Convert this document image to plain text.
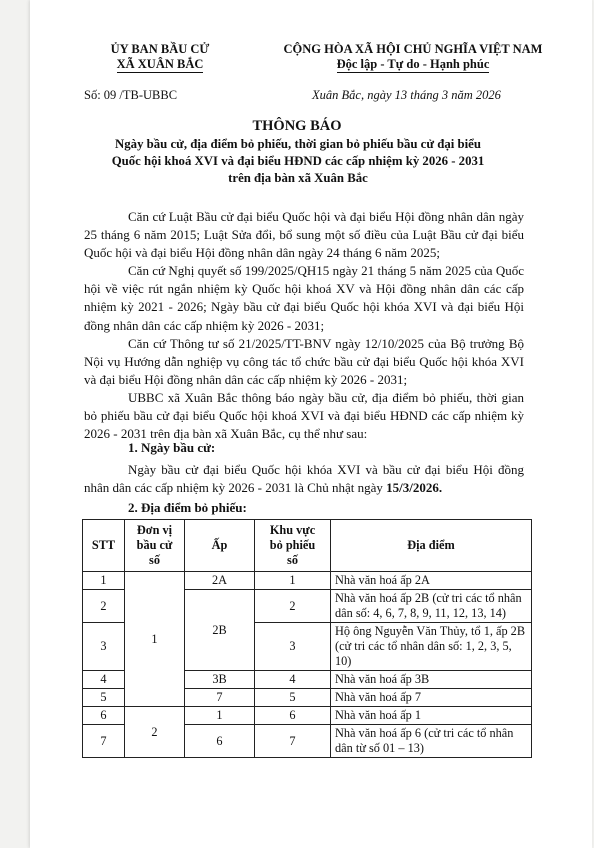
ỦY BAN BẦU CỬ
XÃ XUÂN BẮC
CỘNG HÒA XÃ HỘI CHỦ NGHĨA VIỆT NAM
Độc lập - Tự do - Hạnh phúc
Số: 09 /TB-UBBC	Xuân Bắc, ngày 13 tháng 3 năm 2026
THÔNG BÁO
Ngày bầu cử, địa điểm bỏ phiếu, thời gian bỏ phiếu bầu cử đại biểu Quốc hội khoá XVI và đại biểu HĐND các cấp nhiệm kỳ 2026 - 2031 trên địa bàn xã Xuân Bắc
Căn cứ Luật Bầu cử đại biểu Quốc hội và đại biểu Hội đồng nhân dân ngày 25 tháng 6 năm 2015; Luật Sửa đổi, bổ sung một số điều của Luật Bầu cử đại biểu Quốc hội và đại biểu Hội đồng nhân dân ngày 24 tháng 6 năm 2025;
Căn cứ Nghị quyết số 199/2025/QH15 ngày 21 tháng 5 năm 2025 của Quốc hội về việc rút ngắn nhiệm kỳ Quốc hội khoá XV và Hội đồng nhân dân các cấp nhiệm kỳ 2021 - 2026; Ngày bầu cử đại biểu Quốc hội khóa XVI và đại biểu Hội đồng nhân dân các cấp nhiệm kỳ 2026 - 2031;
Căn cứ Thông tư số 21/2025/TT-BNV ngày 12/10/2025 của Bộ trưởng Bộ Nội vụ Hướng dẫn nghiệp vụ công tác tổ chức bầu cử đại biểu Quốc hội khóa XVI và đại biểu Hội đồng nhân dân các cấp nhiệm kỳ 2026 - 2031;
UBBC xã Xuân Bắc thông báo ngày bầu cử, địa điểm bỏ phiếu, thời gian bỏ phiếu bầu cử đại biểu Quốc hội khoá XVI và đại biểu HĐND các cấp nhiệm kỳ 2026 - 2031 trên địa bàn xã Xuân Bắc, cụ thể như sau:
1. Ngày bầu cử:
Ngày bầu cử đại biểu Quốc hội khóa XVI và bầu cử đại biểu Hội đồng nhân dân các cấp nhiệm kỳ 2026 - 2031 là Chủ nhật ngày 15/3/2026.
2. Địa điểm bỏ phiếu:
STT	Đơn vị bầu cử số	Ấp	Khu vực bỏ phiếu số	Địa điểm
1	1	2A	1	Nhà văn hoá ấp 2A
2		2B	2	Nhà văn hoá ấp 2B (cử tri các tổ nhân dân số: 4, 6, 7, 8, 9, 11, 12, 13, 14)
3			3	Hộ ông Nguyễn Văn Thủy, tổ 1, ấp 2B (cử tri các tổ nhân dân số: 1, 2, 3, 5, 10)
4		3B	4	Nhà văn hoá ấp 3B
5		7	5	Nhà văn hoá ấp 7
6	2	1	6	Nhà văn hoá ấp 1
7		6	7	Nhà văn hoá ấp 6 (cử tri các tổ nhân dân từ số 01 – 13)
